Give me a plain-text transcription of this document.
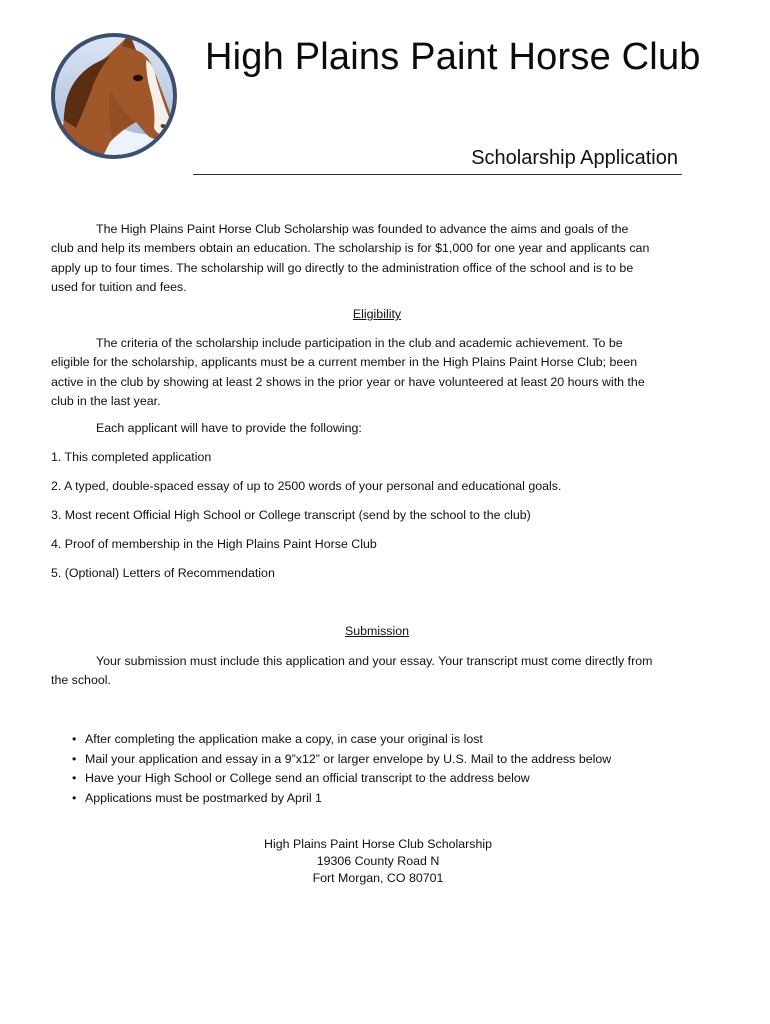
High Plains Paint Horse Club
Scholarship Application

The High Plains Paint Horse Club Scholarship was founded to advance the aims and goals of the club and help its members obtain an education. The scholarship is for $1,000 for one year and applicants can apply up to four times. The scholarship will go directly to the administration office of the school and is to be used for tuition and fees.

Eligibility

The criteria of the scholarship include participation in the club and academic achievement. To be eligible for the scholarship, applicants must be a current member in the High Plains Paint Horse Club; been active in the club by showing at least 2 shows in the prior year or have volunteered at least 20 hours with the club in the last year.

Each applicant will have to provide the following:

1. This completed application

2. A typed, double-spaced essay of up to 2500 words of your personal and educational goals.

3. Most recent Official High School or College transcript (send by the school to the club)

4. Proof of membership in the High Plains Paint Horse Club

5. (Optional) Letters of Recommendation

Submission

Your submission must include this application and your essay. Your transcript must come directly from the school.

• After completing the application make a copy, in case your original is lost
• Mail your application and essay in a 9”x12” or larger envelope by U.S. Mail to the address below
• Have your High School or College send an official transcript to the address below
• Applications must be postmarked by April 1
High Plains Paint Horse Club Scholarship
19306 County Road N
Fort Morgan, CO 80701
